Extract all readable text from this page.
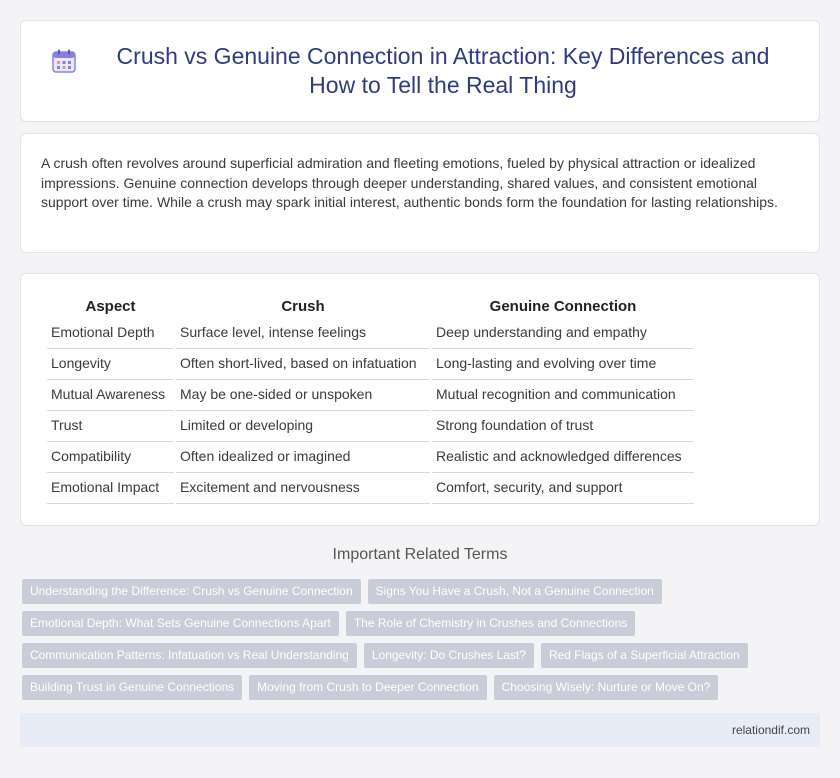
Crush vs Genuine Connection in Attraction: Key Differences and How to Tell the Real Thing

A crush often revolves around superficial admiration and fleeting emotions, fueled by physical attraction or idealized impressions. Genuine connection develops through deeper understanding, shared values, and consistent emotional support over time. While a crush may spark initial interest, authentic bonds form the foundation for lasting relationships.

Aspect	Crush	Genuine Connection
Emotional Depth	Surface level, intense feelings	Deep understanding and empathy
Longevity	Often short-lived, based on infatuation	Long-lasting and evolving over time
Mutual Awareness	May be one-sided or unspoken	Mutual recognition and communication
Trust	Limited or developing	Strong foundation of trust
Compatibility	Often idealized or imagined	Realistic and acknowledged differences
Emotional Impact	Excitement and nervousness	Comfort, security, and support
Important Related Terms
Understanding the Difference: Crush vs Genuine Connection	Signs You Have a Crush, Not a Genuine Connection
Emotional Depth: What Sets Genuine Connections Apart	The Role of Chemistry in Crushes and Connections
Communication Patterns: Infatuation vs Real Understanding	Longevity: Do Crushes Last?	Red Flags of a Superficial Attraction
Building Trust in Genuine Connections	Moving from Crush to Deeper Connection	Choosing Wisely: Nurture or Move On?
relationdif.com
